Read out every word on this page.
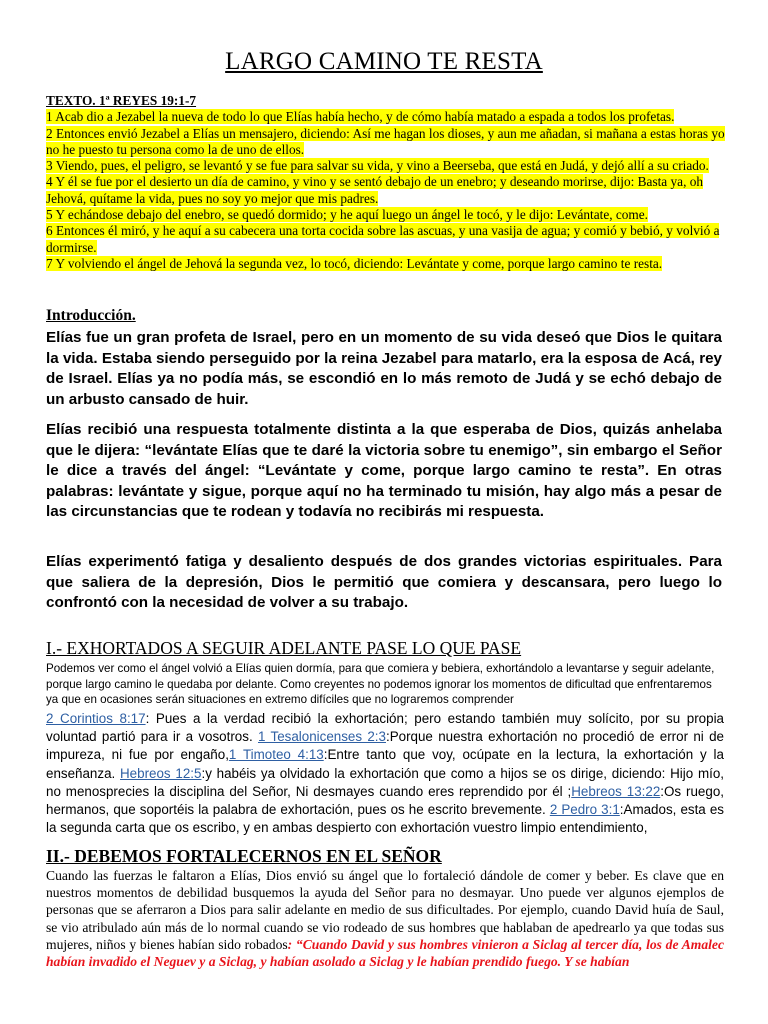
LARGO CAMINO TE RESTA

TEXTO. 1ª REYES 19:1-7

1 Acab dio a Jezabel la nueva de todo lo que Elías había hecho, y de cómo había matado a espada a todos los profetas.

2 Entonces envió Jezabel a Elías un mensajero, diciendo: Así me hagan los dioses, y aun me añadan, si mañana a estas horas yo no he puesto tu persona como la de uno de ellos.

3 Viendo, pues, el peligro, se levantó y se fue para salvar su vida, y vino a Beerseba, que está en Judá, y dejó allí a su criado.

4 Y él se fue por el desierto un día de camino, y vino y se sentó debajo de un enebro; y deseando morirse, dijo: Basta ya, oh Jehová, quítame la vida, pues no soy yo mejor que mis padres.

5 Y echándose debajo del enebro, se quedó dormido; y he aquí luego un ángel le tocó, y le dijo: Levántate, come.

6 Entonces él miró, y he aquí a su cabecera una torta cocida sobre las ascuas, y una vasija de agua; y comió y bebió, y volvió a dormirse.

7 Y volviendo el ángel de Jehová la segunda vez, lo tocó, diciendo: Levántate y come, porque largo camino te resta.

Introducción.

Elías fue un gran profeta de Israel, pero en un momento de su vida deseó que Dios le quitara la vida. Estaba siendo perseguido por la reina Jezabel para matarlo, era la esposa de Acá, rey de Israel. Elías ya no podía más, se escondió en lo más remoto de Judá y se echó debajo de un arbusto cansado de huir.

Elías recibió una respuesta totalmente distinta a la que esperaba de Dios, quizás anhelaba que le dijera: “levántate Elías que te daré la victoria sobre tu enemigo”, sin embargo el Señor le dice a través del ángel: “Levántate y come, porque largo camino te resta”. En otras palabras: levántate y sigue, porque aquí no ha terminado tu misión, hay algo más a pesar de las circunstancias que te rodean y todavía no recibirás mi respuesta.

Elías experimentó fatiga y desaliento después de dos grandes victorias espirituales. Para que saliera de la depresión, Dios le permitió que comiera y descansara, pero luego lo confrontó con la necesidad de volver a su trabajo.

I.- EXHORTADOS A SEGUIR ADELANTE PASE LO QUE PASE

Podemos ver como el ángel volvió a Elías quien dormía, para que comiera y bebiera, exhortándolo a levantarse y seguir adelante, porque largo camino le quedaba por delante. Como creyentes no podemos ignorar los momentos de dificultad que enfrentaremos ya que en ocasiones serán situaciones en extremo difíciles que no lograremos comprender

2 Corintios 8:17: Pues a la verdad recibió la exhortación; pero estando también muy solícito, por su propia voluntad partió para ir a vosotros. 1 Tesalonicenses 2:3:Porque nuestra exhortación no procedió de error ni de impureza, ni fue por engaño,1 Timoteo 4:13:Entre tanto que voy, ocúpate en la lectura, la exhortación y la enseñanza. Hebreos 12:5:y habéis ya olvidado la exhortación que como a hijos se os dirige, diciendo: Hijo mío, no menosprecies la disciplina del Señor, Ni desmayes cuando eres reprendido por él ;Hebreos 13:22:Os ruego, hermanos, que soportéis la palabra de exhortación, pues os he escrito brevemente. 2 Pedro 3:1:Amados, esta es la segunda carta que os escribo, y en ambas despierto con exhortación vuestro limpio entendimiento,

II.- DEBEMOS FORTALECERNOS EN EL SEÑOR

Cuando las fuerzas le faltaron a Elías, Dios envió su ángel que lo fortaleció dándole de comer y beber. Es clave que en nuestros momentos de debilidad busquemos la ayuda del Señor para no desmayar. Uno puede ver algunos ejemplos de personas que se aferraron a Dios para salir adelante en medio de sus dificultades. Por ejemplo, cuando David huía de Saul, se vio atribulado aún más de lo normal cuando se vio rodeado de sus hombres que hablaban de apedrearlo ya que todas sus mujeres, niños y bienes habían sido robados: “Cuando David y sus hombres vinieron a Siclag al tercer día, los de Amalec habían invadido el Neguev y a Siclag, y habían asolado a Siclag y le habían prendido fuego. Y se habían
